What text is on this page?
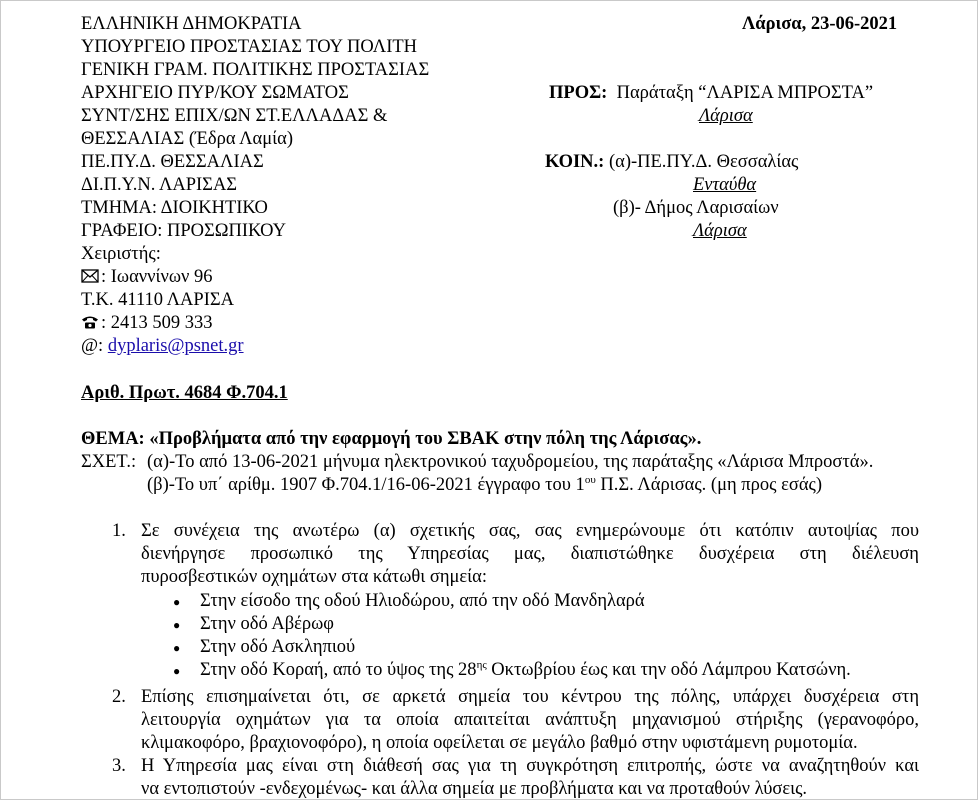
ΕΛΛΗΝΙΚΗ ΔΗΜΟΚΡΑΤΙΑ
ΥΠΟΥΡΓΕΙΟ ΠΡΟΣΤΑΣΙΑΣ ΤΟΥ ΠΟΛΙΤΗ
ΓΕΝΙΚΗ ΓΡΑΜ. ΠΟΛΙΤΙΚΗΣ ΠΡΟΣΤΑΣΙΑΣ
ΑΡΧΗΓΕΙΟ ΠΥΡ/ΚΟΥ ΣΩΜΑΤΟΣ
ΣΥΝΤ/ΣΗΣ ΕΠΙΧ/ΩΝ ΣΤ.ΕΛΛΑΔΑΣ &
ΘΕΣΣΑΛΙΑΣ (Έδρα Λαμία)
ΠΕ.ΠΥ.Δ. ΘΕΣΣΑΛΙΑΣ
ΔΙ.Π.Υ.Ν. ΛΑΡΙΣΑΣ
ΤΜΗΜΑ: ΔΙΟΙΚΗΤΙΚΟ
ΓΡΑΦΕΙΟ: ΠΡΟΣΩΠΙΚΟΥ
Χειριστής:
: Ιωαννίνων 96
Τ.Κ. 41110 ΛΑΡΙΣΑ
: 2413 509 333
@: dyplaris@psnet.gr
Αριθ. Πρωτ. 4684 Φ.704.1
Λάρισα, 23-06-2021
ΠΡΟΣ: Παράταξη “ΛΑΡΙΣΑ ΜΠΡΟΣΤΑ”
Λάρισα
ΚΟΙΝ.: (α)-ΠΕ.ΠΥ.Δ. Θεσσαλίας
Ενταύθα
(β)- Δήμος Λαρισαίων
Λάρισα
ΘΕΜΑ: «Προβλήματα από την εφαρμογή του ΣΒΑΚ στην πόλη της Λάρισας».
ΣΧΕΤ.: (α)-Το από 13-06-2021 μήνυμα ηλεκτρονικού ταχυδρομείου, της παράταξης «Λάρισα Μπροστά».
(β)-Το υπ΄ αρίθμ. 1907 Φ.704.1/16-06-2021 έγγραφο του $1^{o\upsilon}$ Π.Σ. Λάρισας. (μη προς εσάς)
1. Σε συνέχεια της ανωτέρω (α) σχετικής σας, σας ενημερώνουμε ότι κατόπιν αυτοψίας που
διενήργησε προσωπικό της Υπηρεσίας μας, διαπιστώθηκε δυσχέρεια στη διέλευση
πυροσβεστικών οχημάτων στα κάτωθι σημεία:
● Στην είσοδο της οδού Ηλιοδώρου, από την οδό Μανδηλαρά
● Στην οδό Αβέρωφ
● Στην οδό Ασκληπιού
● Στην οδό Κοραή, από το ύψος της $28^{\eta\varsigma}$ Οκτωβρίου έως και την οδό Λάμπρου Κατσώνη.
2. Επίσης επισημαίνεται ότι, σε αρκετά σημεία του κέντρου της πόλης, υπάρχει δυσχέρεια στη
λειτουργία οχημάτων για τα οποία απαιτείται ανάπτυξη μηχανισμού στήριξης (γερανοφόρο,
κλιμακοφόρο, βραχιονοφόρο), η οποία οφείλεται σε μεγάλο βαθμό στην υφιστάμενη ρυμοτομία.
3. Η Υπηρεσία μας είναι στη διάθεσή σας για τη συγκρότηση επιτροπής, ώστε να αναζητηθούν και
να εντοπιστούν -ενδεχομένως- και άλλα σημεία με προβλήματα και να προταθούν λύσεις.
